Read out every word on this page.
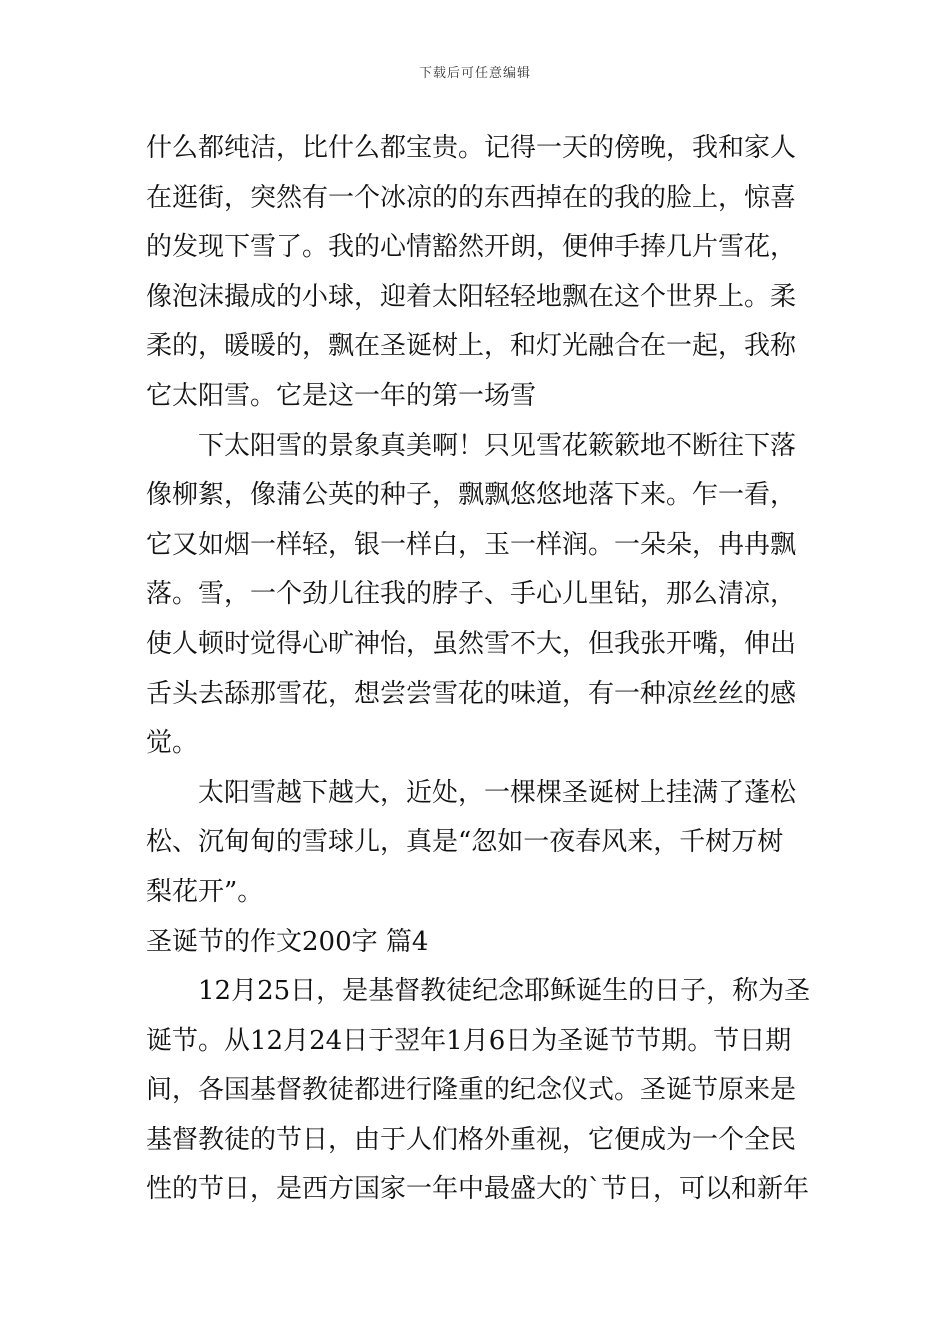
下载后可任意编辑
什么都纯洁，比什么都宝贵。记得一天的傍晚，我和家人
在逛街，突然有一个冰凉的的东西掉在的我的脸上，惊喜
的发现下雪了。我的心情豁然开朗，便伸手捧几片雪花，
像泡沫撮成的小球，迎着太阳轻轻地飘在这个世界上。柔
柔的，暖暖的，飘在圣诞树上，和灯光融合在一起，我称
它太阳雪。它是这一年的第一场雪
下太阳雪的景象真美啊！只见雪花簌簌地不断往下落
像柳絮，像蒲公英的种子，飘飘悠悠地落下来。乍一看，
它又如烟一样轻，银一样白，玉一样润。一朵朵，冉冉飘
落。雪，一个劲儿往我的脖子、手心儿里钻，那么清凉，
使人顿时觉得心旷神怡，虽然雪不大，但我张开嘴，伸出
舌头去舔那雪花，想尝尝雪花的味道，有一种凉丝丝的感
觉。
太阳雪越下越大，近处，一棵棵圣诞树上挂满了蓬松
松、沉甸甸的雪球儿，真是“忽如一夜春风来，千树万树
梨花开”。
圣诞节的作文200字 篇4
12月25日，是基督教徒纪念耶稣诞生的日子，称为圣
诞节。从12月24日于翌年1月6日为圣诞节节期。节日期
间，各国基督教徒都进行隆重的纪念仪式。圣诞节原来是
基督教徒的节日，由于人们格外重视，它便成为一个全民
性的节日，是西方国家一年中最盛大的`节日，可以和新年
